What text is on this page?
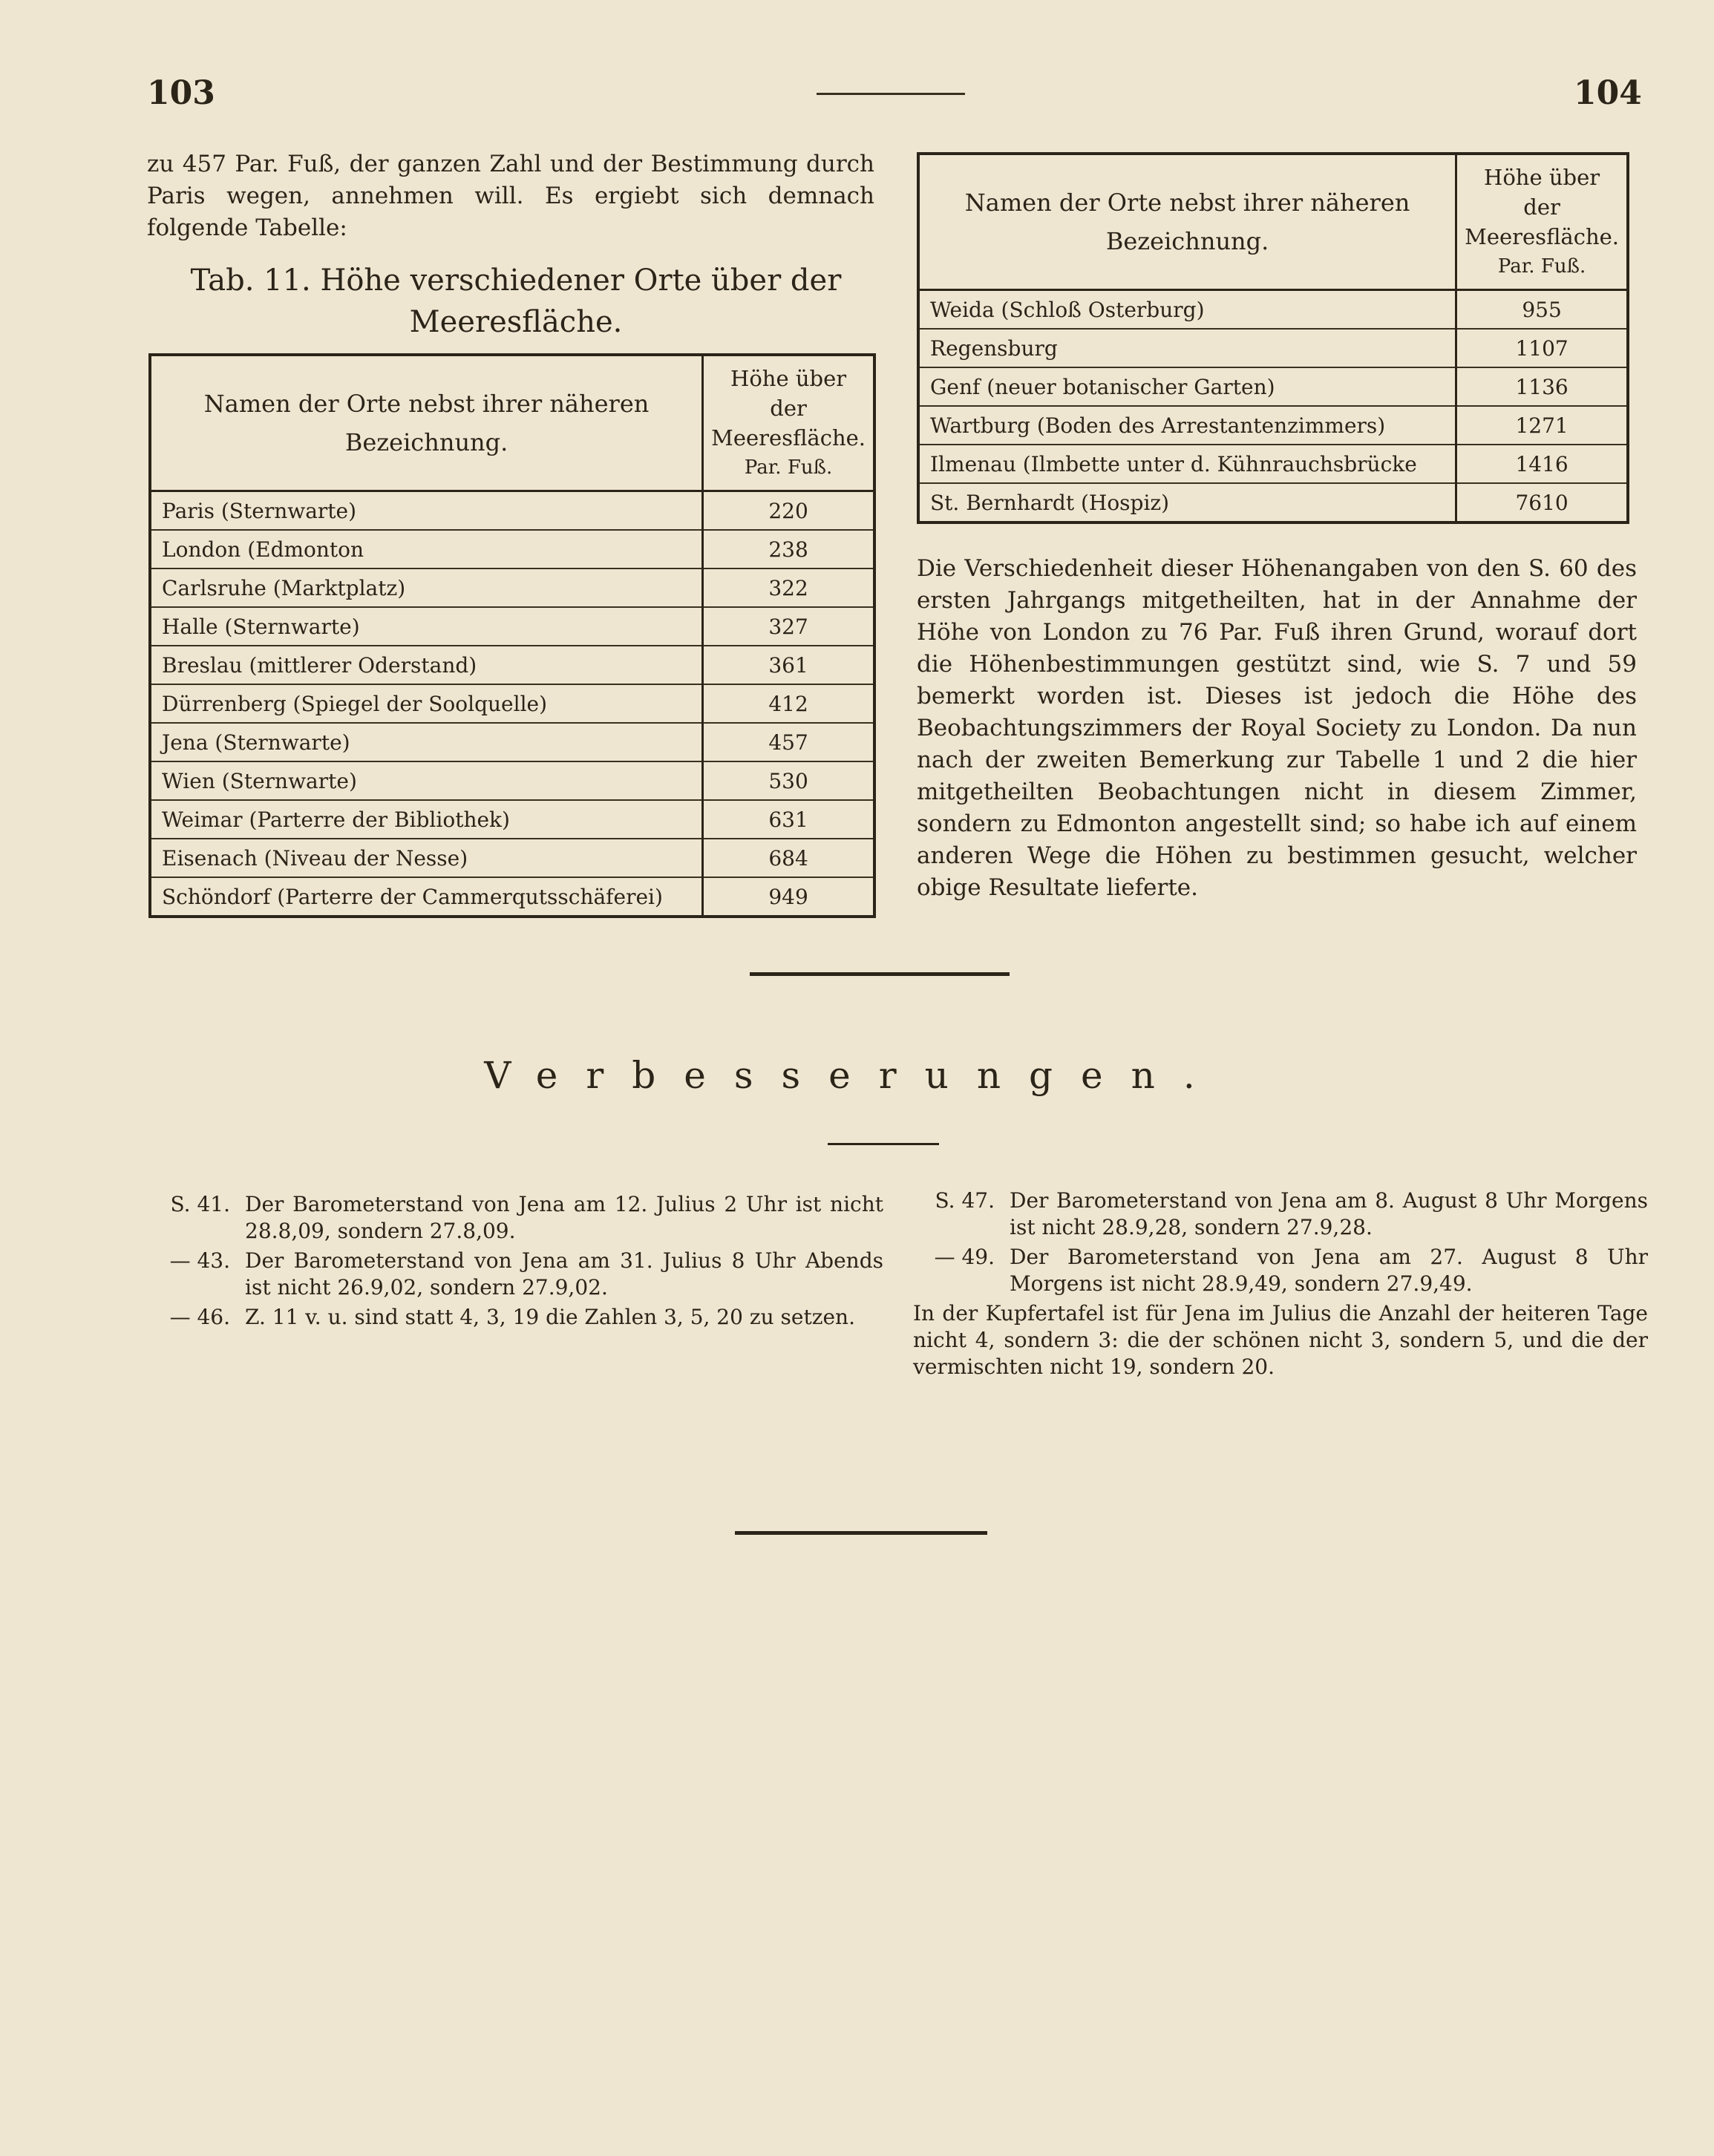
103	104

zu 457 Par. Fuß, der ganzen Zahl und der Bestimmung durch Paris wegen, annehmen will. Es ergiebt sich demnach folgende Tabelle:

Tab. 11. Höhe verschiedener Orte über der Meeresfläche.

Namen der Orte nebst ihrer näheren Bezeichnung.	Höhe über der Meeresfläche.
Par. Fuß.

Paris (Sternwarte)	220
London (Edmonton	238
Carlsruhe (Marktplatz)	322
Halle (Sternwarte)	327
Breslau (mittlerer Oderstand)	361
Dürrenberg (Spiegel der Soolquelle)	412
Jena (Sternwarte)	457
Wien (Sternwarte)	530
Weimar (Parterre der Bibliothek)	631
Eisenach (Niveau der Nesse)	684
Schöndorf (Parterre der Cammerqutsschäferei)	949
Namen der Orte nebst ihrer näheren Bezeichnung.	Höhe über der Meeresfläche.
Par. Fuß.

Weida (Schloß Osterburg)	955
Regensburg	1107
Genf (neuer botanischer Garten)	1136
Wartburg (Boden des Arrestantenzimmers)	1271
Ilmenau (Ilmbette unter d. Kühnrauchsbrücke	1416
St. Bernhardt (Hospiz)	7610

Die Verschiedenheit dieser Höhenangaben von den S. 60 des ersten Jahrgangs mitgetheilten, hat in der Annahme der Höhe von London zu 76 Par. Fuß ihren Grund, worauf dort die Höhenbestimmungen gestützt sind, wie S. 7 und 59 bemerkt worden ist. Dieses ist jedoch die Höhe des Beobachtungszimmers der Royal Society zu London. Da nun nach der zweiten Bemerkung zur Tabelle 1 und 2 die hier mitgetheilten Beobachtungen nicht in diesem Zimmer, sondern zu Edmonton angestellt sind; so habe ich auf einem anderen Wege die Höhen zu bestimmen gesucht, welcher obige Resultate lieferte.

Verbesserungen.

S. 41. Der Barometerstand von Jena am 12. Julius 2 Uhr ist nicht 28.8,09, sondern 27.8,09.
— 43. Der Barometerstand von Jena am 31. Julius 8 Uhr Abends ist nicht 26.9,02, sondern 27.9,02.
— 46. Z. 11 v. u. sind statt 4, 3, 19 die Zahlen 3, 5, 20 zu setzen.
S. 47. Der Barometerstand von Jena am 8. August 8 Uhr Morgens ist nicht 28.9,28, sondern 27.9,28.
— 49. Der Barometerstand von Jena am 27. August 8 Uhr Morgens ist nicht 28.9,49, sondern 27.9,49.
In der Kupfertafel ist für Jena im Julius die Anzahl der heiteren Tage nicht 4, sondern 3: die der schönen nicht 3, sondern 5, und die der vermischten nicht 19, sondern 20.
